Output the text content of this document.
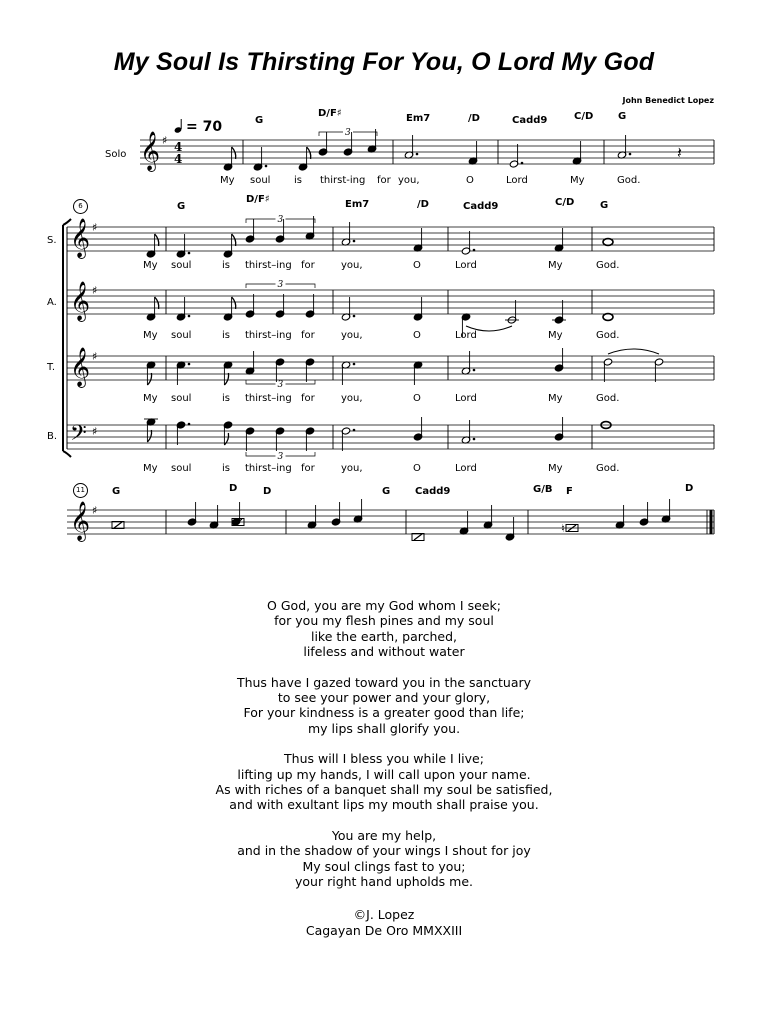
My Soul Is Thirsting For You, O Lord My God
John Benedict Lopez
= 70
Solo
S.
A.
T.
B.
6
11
G
D/F♯	Em7	/D	Cadd9	C/D G
G
D/F♯	Em7	/D	Cadd9	C/D	G
G	D	D	G Cadd9	G/B F	D
My soul is thirst-ing for you,	O	Lord	My	God.
My soul	is thirst–ing for	you,	O	Lord	My	God.
My soul	is thirst–ing for	you,	O	Lord	My	God.
My soul	is thirst–ing for	you,	O	Lord	My	God.
My soul	is thirst–ing for	you,	O	Lord	My	God.
𝄞 ♯ 4
4
3
𝄽
𝄞 ♯
𝄞 ♯
𝄞 ♯
𝄢 ♯
3
3
3
3
𝄞 ♯
♮
O God, you are my God whom I seek;
for you my flesh pines and my soul
like the earth, parched,
lifeless and without water
Thus have I gazed toward you in the sanctuary
to see your power and your glory,
For your kindness is a greater good than life;
my lips shall glorify you.
Thus will I bless you while I live;
lifting up my hands, I will call upon your name.
As with riches of a banquet shall my soul be satisfied,
and with exultant lips my mouth shall praise you.
You are my help,
and in the shadow of your wings I shout for joy
My soul clings fast to you;
your right hand upholds me.
©J. Lopez
Cagayan De Oro MMXXIII
